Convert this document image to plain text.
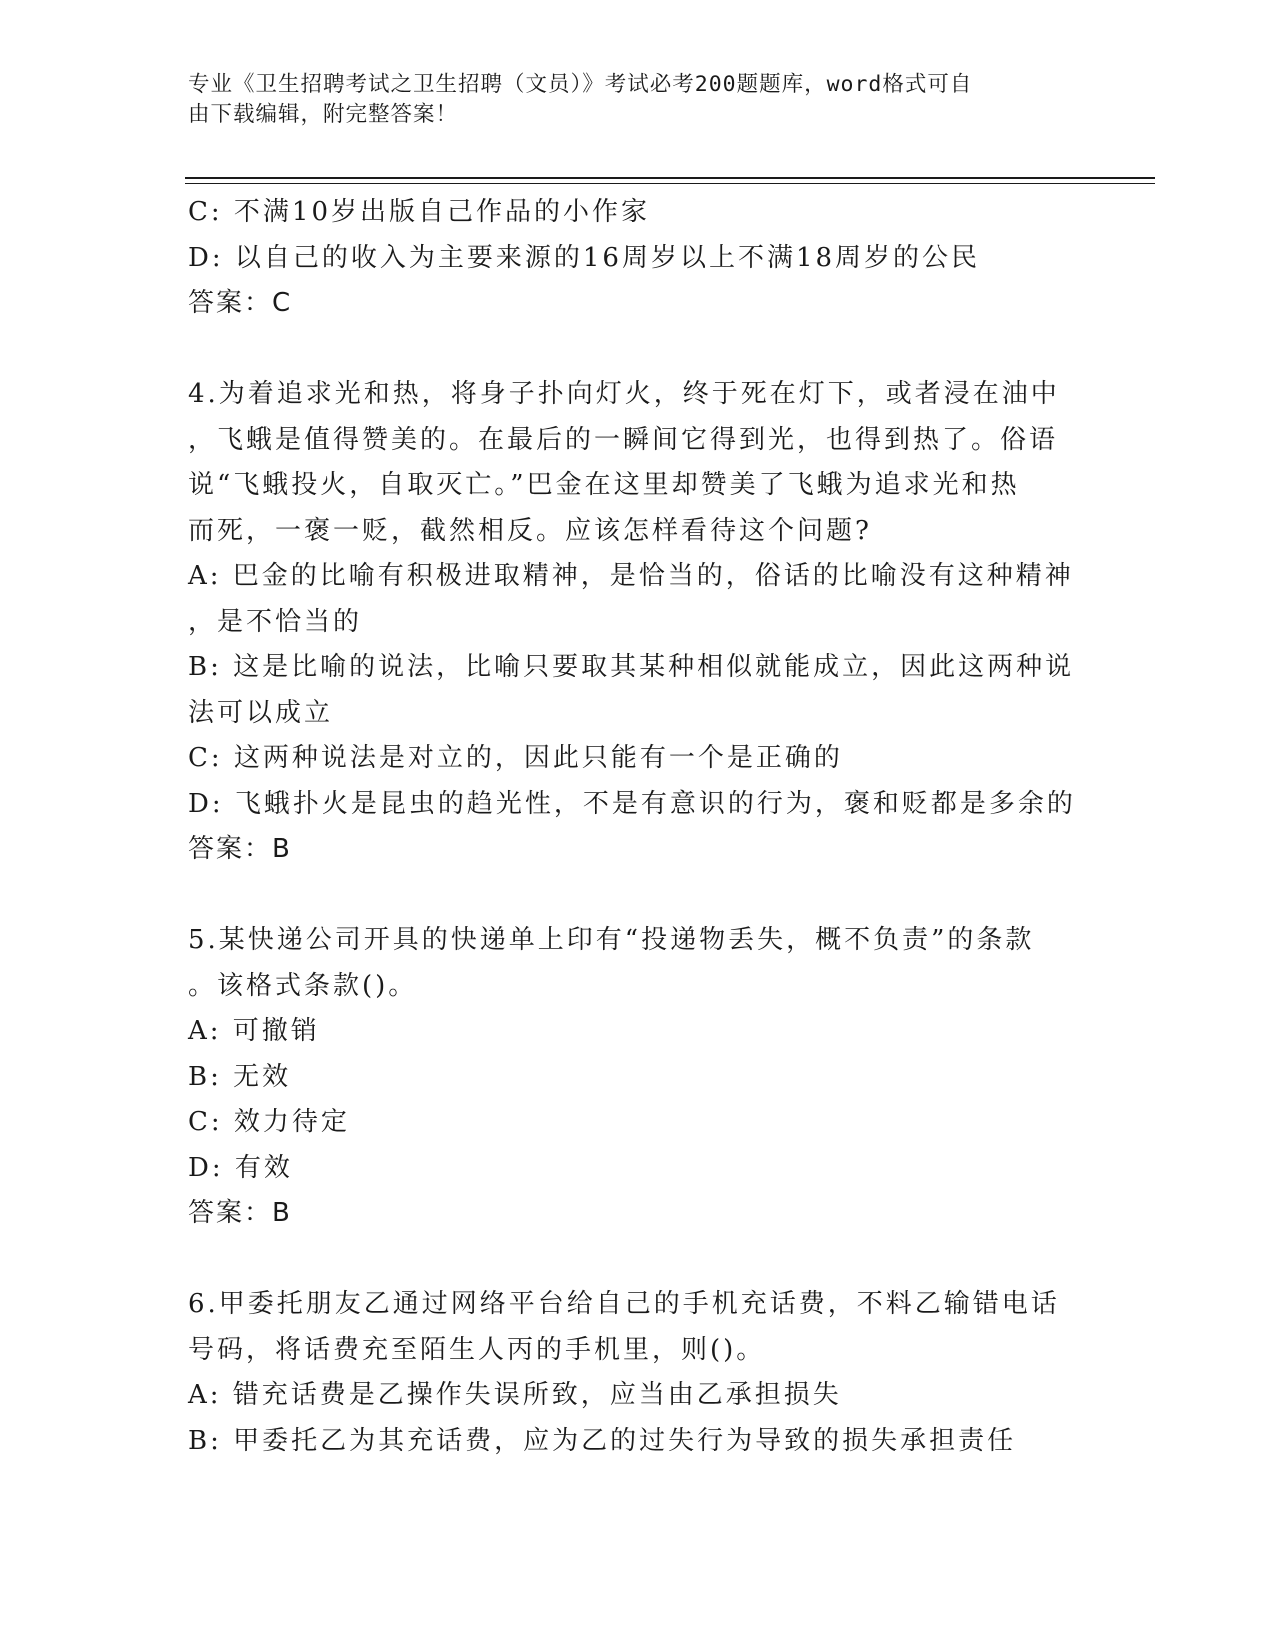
专业《卫生招聘考试之卫生招聘（文员）》考试必考200题题库，word格式可自
由下载编辑，附完整答案！
C: 不满10岁出版自己作品的小作家
D: 以自己的收入为主要来源的16周岁以上不满18周岁的公民
答案：C
4.为着追求光和热，将身子扑向灯火，终于死在灯下，或者浸在油中
，飞蛾是值得赞美的。在最后的一瞬间它得到光，也得到热了。俗语
说“飞蛾投火，自取灭亡。”巴金在这里却赞美了飞蛾为追求光和热
而死，一褒一贬，截然相反。应该怎样看待这个问题?
A: 巴金的比喻有积极进取精神，是恰当的，俗话的比喻没有这种精神
，是不恰当的
B: 这是比喻的说法，比喻只要取其某种相似就能成立，因此这两种说
法可以成立
C: 这两种说法是对立的，因此只能有一个是正确的
D: 飞蛾扑火是昆虫的趋光性，不是有意识的行为，褒和贬都是多余的
答案：B
5.某快递公司开具的快递单上印有“投递物丢失，概不负责”的条款
。该格式条款()。
A: 可撤销
B: 无效
C: 效力待定
D: 有效
答案：B
6.甲委托朋友乙通过网络平台给自己的手机充话费，不料乙输错电话
号码，将话费充至陌生人丙的手机里，则()。
A: 错充话费是乙操作失误所致，应当由乙承担损失
B: 甲委托乙为其充话费，应为乙的过失行为导致的损失承担责任
